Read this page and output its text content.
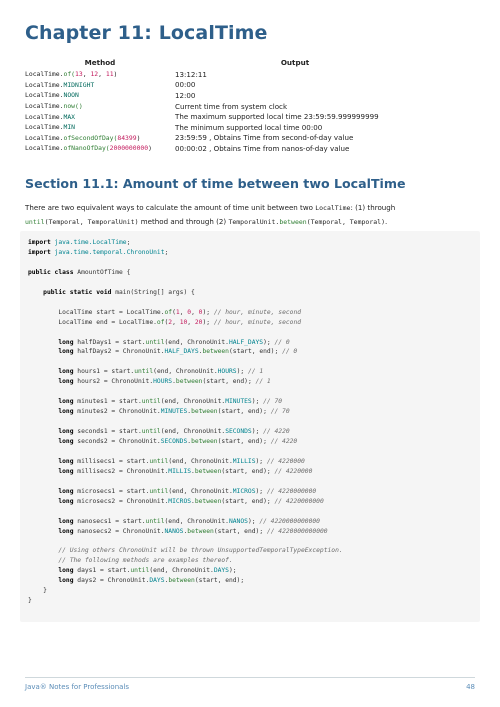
Chapter 11: LocalTime
Method	Output
LocalTime.of(13, 12, 11)	13:12:11
LocalTime.MIDNIGHT	00:00
LocalTime.NOON	12:00
LocalTime.now()	Current time from system clock
LocalTime.MAX	The maximum supported local time 23:59:59.999999999
LocalTime.MIN	The minimum supported local time 00:00
LocalTime.ofSecondOfDay(84399)	23:59:59 , Obtains Time from second-of-day value
LocalTime.ofNanoOfDay(2000000000)	00:00:02 , Obtains Time from nanos-of-day value
Section 11.1: Amount of time between two LocalTime
There are two equivalent ways to calculate the amount of time unit between two LocalTime: (1) through
until(Temporal, TemporalUnit) method and through (2) TemporalUnit.between(Temporal, Temporal).
import java.time.LocalTime;
import java.time.temporal.ChronoUnit;
public class AmountOfTime {
public static void main(String[] args) {
LocalTime start = LocalTime.of(1, 0, 0); // hour, minute, second
LocalTime end = LocalTime.of(2, 10, 20); // hour, minute, second
long halfDays1 = start.until(end, ChronoUnit.HALF_DAYS); // 0
long halfDays2 = ChronoUnit.HALF_DAYS.between(start, end); // 0
long hours1 = start.until(end, ChronoUnit.HOURS); // 1
long hours2 = ChronoUnit.HOURS.between(start, end); // 1
long minutes1 = start.until(end, ChronoUnit.MINUTES); // 70
long minutes2 = ChronoUnit.MINUTES.between(start, end); // 70
long seconds1 = start.until(end, ChronoUnit.SECONDS); // 4220
long seconds2 = ChronoUnit.SECONDS.between(start, end); // 4220
long millisecs1 = start.until(end, ChronoUnit.MILLIS); // 4220000
long millisecs2 = ChronoUnit.MILLIS.between(start, end); // 4220000
long microsecs1 = start.until(end, ChronoUnit.MICROS); // 4220000000
long microsecs2 = ChronoUnit.MICROS.between(start, end); // 4220000000
long nanosecs1 = start.until(end, ChronoUnit.NANOS); // 4220000000000
long nanosecs2 = ChronoUnit.NANOS.between(start, end); // 4220000000000
// Using others ChronoUnit will be thrown UnsupportedTemporalTypeException.
// The following methods are examples thereof.
long days1 = start.until(end, ChronoUnit.DAYS);
long days2 = ChronoUnit.DAYS.between(start, end);
}
}
Java® Notes for Professionals	48
